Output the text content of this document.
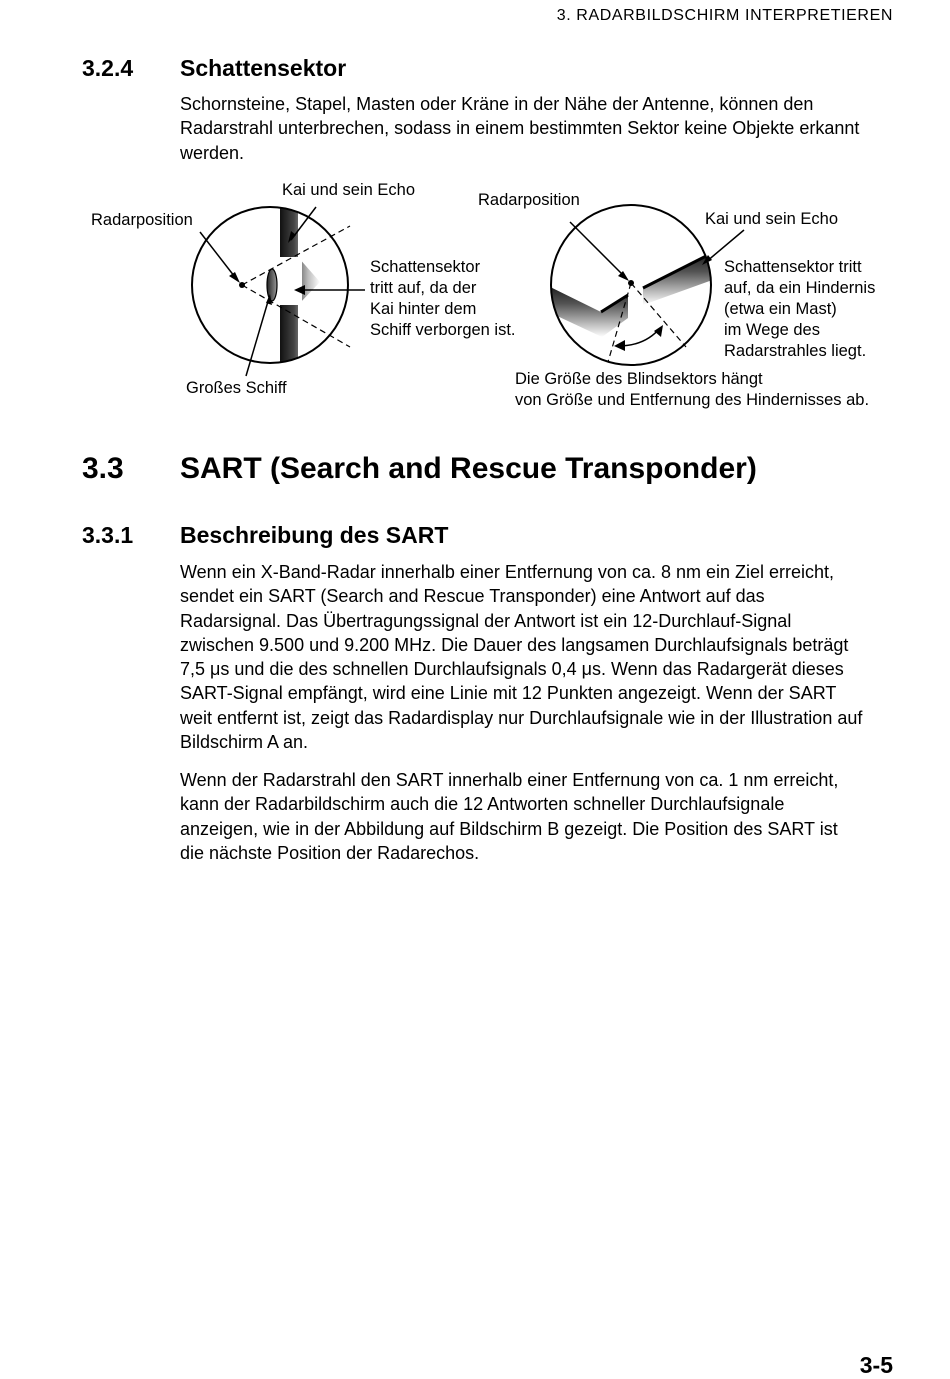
3. RADARBILDSCHIRM INTERPRETIEREN
3.2.4 Schattensektor
Schornsteine, Stapel, Masten oder Kräne in der Nähe der Antenne, können den
Radarstrahl unterbrechen, sodass in einem bestimmten Sektor keine Objekte erkannt
werden.
Kai und sein Echo
Radarposition
Schattensektor
tritt auf, da der
Kai hinter dem
Schiff verborgen ist.
Großes Schiff
Radarposition
Kai und sein Echo
Schattensektor tritt
auf, da ein Hindernis
(etwa ein Mast)
im Wege des
Radarstrahles liegt.
Die Größe des Blindsektors hängt
von Größe und Entfernung des Hindernisses ab.
3.3 SART (Search and Rescue Transponder)
3.3.1 Beschreibung des SART
Wenn ein X-Band-Radar innerhalb einer Entfernung von ca. 8 nm ein Ziel erreicht,
sendet ein SART (Search and Rescue Transponder) eine Antwort auf das
Radarsignal. Das Übertragungssignal der Antwort ist ein 12-Durchlauf-Signal
zwischen 9.500 und 9.200 MHz. Die Dauer des langsamen Durchlaufsignals beträgt
7,5 μs und die des schnellen Durchlaufsignals 0,4 μs. Wenn das Radargerät dieses
SART-Signal empfängt, wird eine Linie mit 12 Punkten angezeigt. Wenn der SART
weit entfernt ist, zeigt das Radardisplay nur Durchlaufsignale wie in der Illustration auf
Bildschirm A an.
Wenn der Radarstrahl den SART innerhalb einer Entfernung von ca. 1 nm erreicht,
kann der Radarbildschirm auch die 12 Antworten schneller Durchlaufsignale
anzeigen, wie in der Abbildung auf Bildschirm B gezeigt. Die Position des SART ist
die nächste Position der Radarechos.
3-5
